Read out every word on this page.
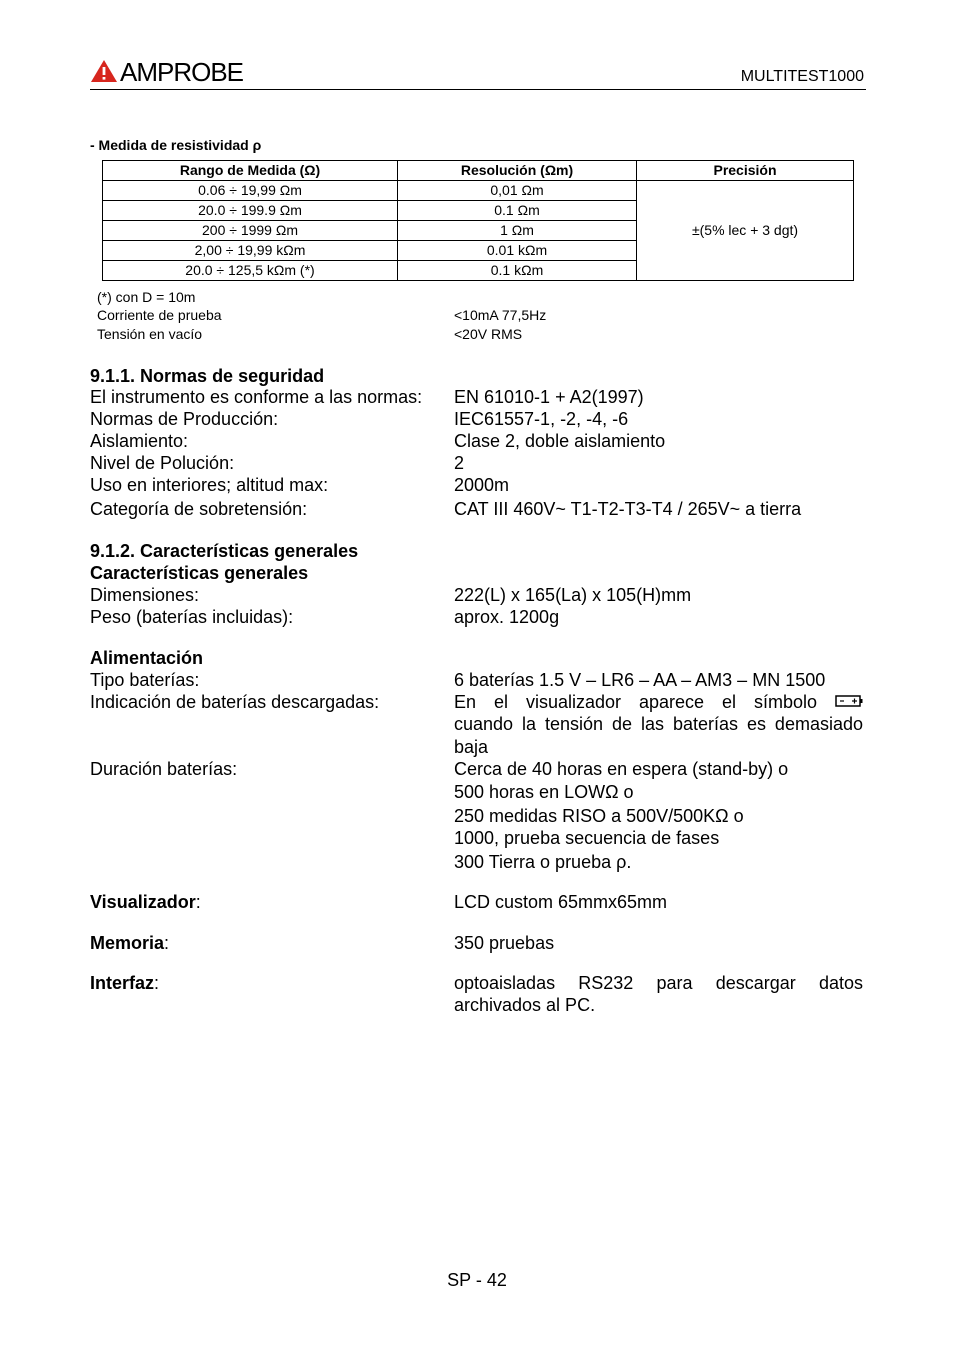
AMPROBE	MULTITEST1000
- Medida de resistividad ρ
Rango de Medida (Ω)	Resolución (Ωm)	Precisión
0.06 ÷ 19,99 Ωm	0,01 Ωm	±(5% lec + 3 dgt)
20.0 ÷ 199.9 Ωm	0.1 Ωm	
200 ÷ 1999 Ωm	1 Ωm	
2,00 ÷ 19,99 kΩm	0.01 kΩm	
20.0 ÷ 125,5 kΩm (*)	0.1 kΩm	
(*) con D = 10m
Corriente de prueba	<10mA 77,5Hz
Tensión en vacío	<20V RMS
9.1.1. Normas de seguridad
El instrumento es conforme a las normas: EN 61010-1 + A2(1997)
Normas de Producción:	IEC61557-1, -2, -4, -6
Aislamiento:	Clase 2, doble aislamiento
Nivel de Polución:	2
Uso en interiores; altitud max:	2000m
Categoría de sobretensión:	CAT III 460V~ T1-T2-T3-T4 / 265V~ a tierra
9.1.2. Características generales
Características generales
Dimensiones:	222(L) x 165(La) x 105(H)mm
Peso (baterías incluidas):	aprox. 1200g
Alimentación
Tipo baterías:	6 baterías 1.5 V – LR6 – AA – AM3 – MN 1500
Indicación de baterías descargadas:	En el visualizador aparece el símbolo
cuando la tensión de las baterías es demasiado
baja
Duración baterías:	Cerca de 40 horas en espera (stand-by) o
500 horas en LOWΩ o
250 medidas RISO a 500V/500KΩ o
1000, prueba secuencia de fases
300 Tierra o prueba ρ.
Visualizador:	LCD custom 65mmx65mm
Memoria:	350 pruebas
Interfaz:	optoaisladas RS232 para descargar datos
archivados al PC.
SP - 42
